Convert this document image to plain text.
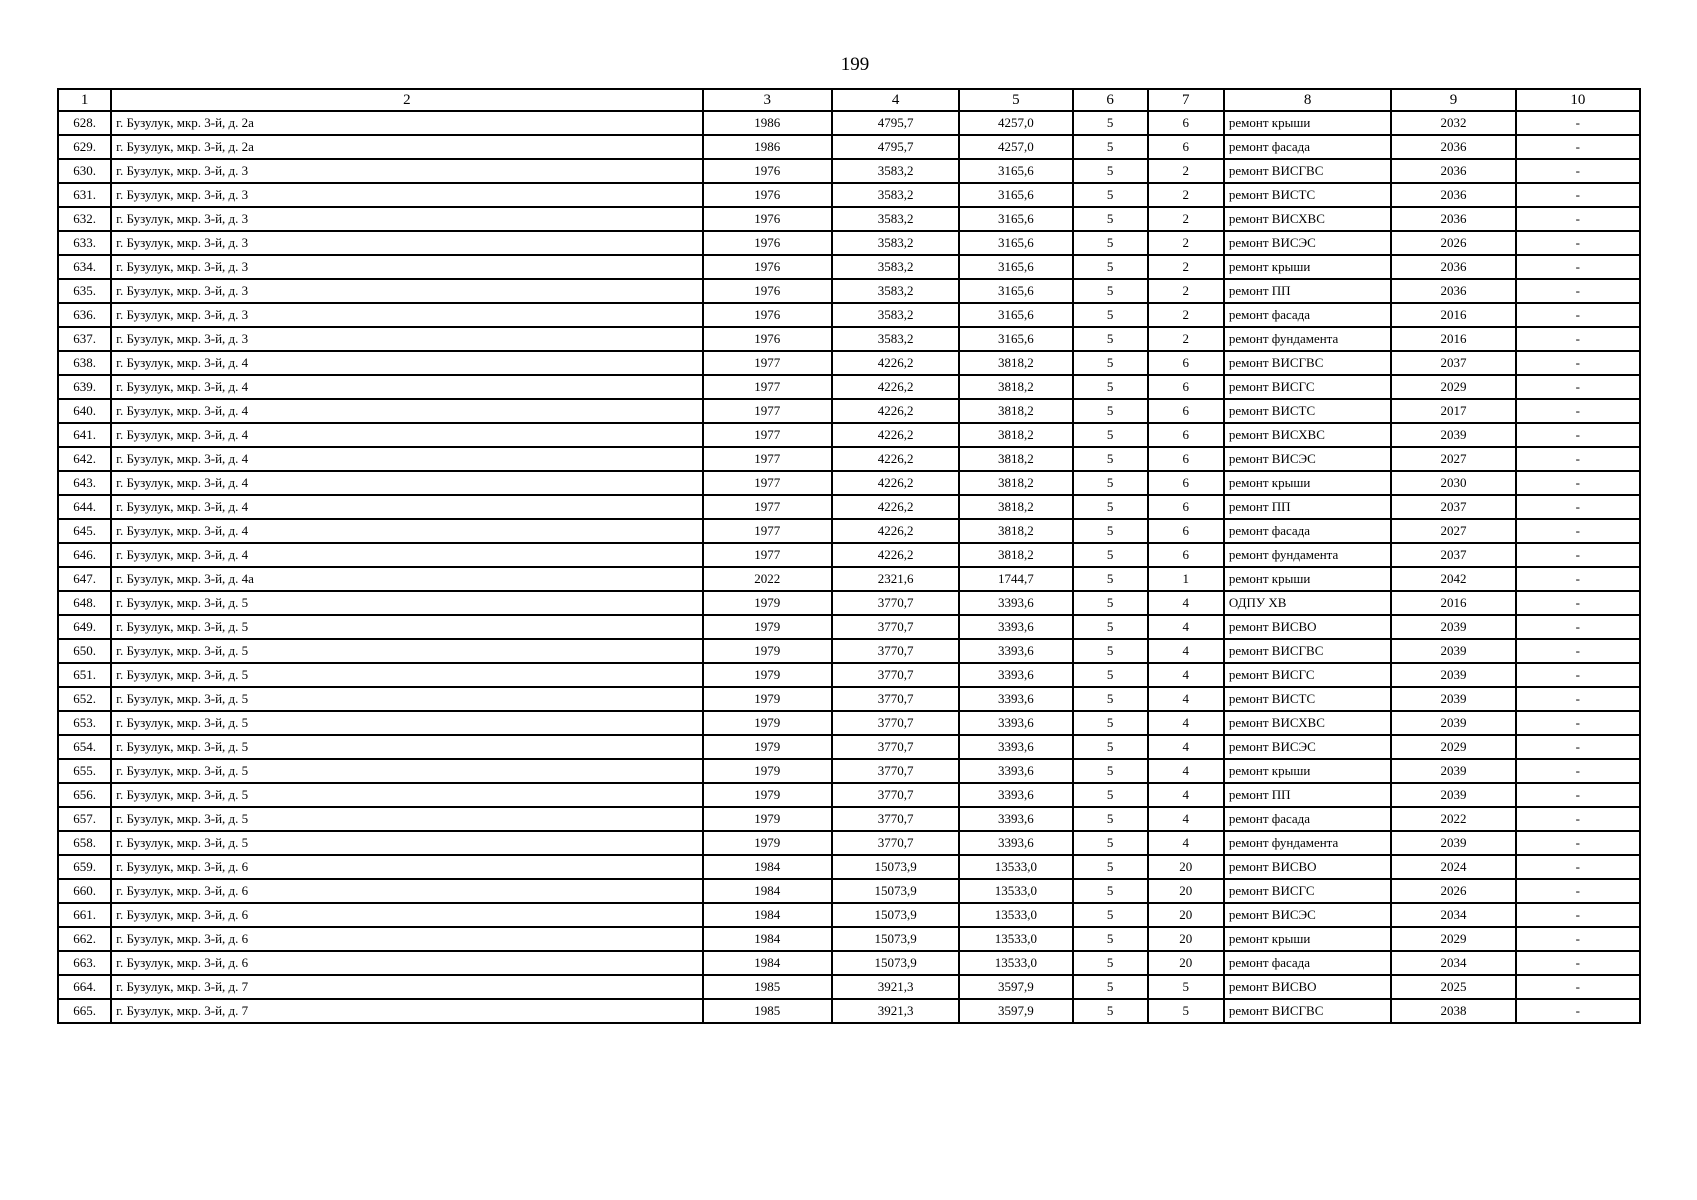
199
1	2	3	4	5	6	7	8	9	10
628.	г. Бузулук, мкр. 3-й, д. 2а	1986	4795,7	4257,0	5	6	ремонт крыши	2032	-
629.	г. Бузулук, мкр. 3-й, д. 2а	1986	4795,7	4257,0	5	6	ремонт фасада	2036	-
630.	г. Бузулук, мкр. 3-й, д. 3	1976	3583,2	3165,6	5	2	ремонт ВИСГВС	2036	-
631.	г. Бузулук, мкр. 3-й, д. 3	1976	3583,2	3165,6	5	2	ремонт ВИСТС	2036	-
632.	г. Бузулук, мкр. 3-й, д. 3	1976	3583,2	3165,6	5	2	ремонт ВИСХВС	2036	-
633.	г. Бузулук, мкр. 3-й, д. 3	1976	3583,2	3165,6	5	2	ремонт ВИСЭС	2026	-
634.	г. Бузулук, мкр. 3-й, д. 3	1976	3583,2	3165,6	5	2	ремонт крыши	2036	-
635.	г. Бузулук, мкр. 3-й, д. 3	1976	3583,2	3165,6	5	2	ремонт ПП	2036	-
636.	г. Бузулук, мкр. 3-й, д. 3	1976	3583,2	3165,6	5	2	ремонт фасада	2016	-
637.	г. Бузулук, мкр. 3-й, д. 3	1976	3583,2	3165,6	5	2	ремонт фундамента	2016	-
638.	г. Бузулук, мкр. 3-й, д. 4	1977	4226,2	3818,2	5	6	ремонт ВИСГВС	2037	-
639.	г. Бузулук, мкр. 3-й, д. 4	1977	4226,2	3818,2	5	6	ремонт ВИСГС	2029	-
640.	г. Бузулук, мкр. 3-й, д. 4	1977	4226,2	3818,2	5	6	ремонт ВИСТС	2017	-
641.	г. Бузулук, мкр. 3-й, д. 4	1977	4226,2	3818,2	5	6	ремонт ВИСХВС	2039	-
642.	г. Бузулук, мкр. 3-й, д. 4	1977	4226,2	3818,2	5	6	ремонт ВИСЭС	2027	-
643.	г. Бузулук, мкр. 3-й, д. 4	1977	4226,2	3818,2	5	6	ремонт крыши	2030	-
644.	г. Бузулук, мкр. 3-й, д. 4	1977	4226,2	3818,2	5	6	ремонт ПП	2037	-
645.	г. Бузулук, мкр. 3-й, д. 4	1977	4226,2	3818,2	5	6	ремонт фасада	2027	-
646.	г. Бузулук, мкр. 3-й, д. 4	1977	4226,2	3818,2	5	6	ремонт фундамента	2037	-
647.	г. Бузулук, мкр. 3-й, д. 4а	2022	2321,6	1744,7	5	1	ремонт крыши	2042	-
648.	г. Бузулук, мкр. 3-й, д. 5	1979	3770,7	3393,6	5	4	ОДПУ ХВ	2016	-
649.	г. Бузулук, мкр. 3-й, д. 5	1979	3770,7	3393,6	5	4	ремонт ВИСВО	2039	-
650.	г. Бузулук, мкр. 3-й, д. 5	1979	3770,7	3393,6	5	4	ремонт ВИСГВС	2039	-
651.	г. Бузулук, мкр. 3-й, д. 5	1979	3770,7	3393,6	5	4	ремонт ВИСГС	2039	-
652.	г. Бузулук, мкр. 3-й, д. 5	1979	3770,7	3393,6	5	4	ремонт ВИСТС	2039	-
653.	г. Бузулук, мкр. 3-й, д. 5	1979	3770,7	3393,6	5	4	ремонт ВИСХВС	2039	-
654.	г. Бузулук, мкр. 3-й, д. 5	1979	3770,7	3393,6	5	4	ремонт ВИСЭС	2029	-
655.	г. Бузулук, мкр. 3-й, д. 5	1979	3770,7	3393,6	5	4	ремонт крыши	2039	-
656.	г. Бузулук, мкр. 3-й, д. 5	1979	3770,7	3393,6	5	4	ремонт ПП	2039	-
657.	г. Бузулук, мкр. 3-й, д. 5	1979	3770,7	3393,6	5	4	ремонт фасада	2022	-
658.	г. Бузулук, мкр. 3-й, д. 5	1979	3770,7	3393,6	5	4	ремонт фундамента	2039	-
659.	г. Бузулук, мкр. 3-й, д. 6	1984	15073,9	13533,0	5	20	ремонт ВИСВО	2024	-
660.	г. Бузулук, мкр. 3-й, д. 6	1984	15073,9	13533,0	5	20	ремонт ВИСГС	2026	-
661.	г. Бузулук, мкр. 3-й, д. 6	1984	15073,9	13533,0	5	20	ремонт ВИСЭС	2034	-
662.	г. Бузулук, мкр. 3-й, д. 6	1984	15073,9	13533,0	5	20	ремонт крыши	2029	-
663.	г. Бузулук, мкр. 3-й, д. 6	1984	15073,9	13533,0	5	20	ремонт фасада	2034	-
664.	г. Бузулук, мкр. 3-й, д. 7	1985	3921,3	3597,9	5	5	ремонт ВИСВО	2025	-
665.	г. Бузулук, мкр. 3-й, д. 7	1985	3921,3	3597,9	5	5	ремонт ВИСГВС	2038	-
